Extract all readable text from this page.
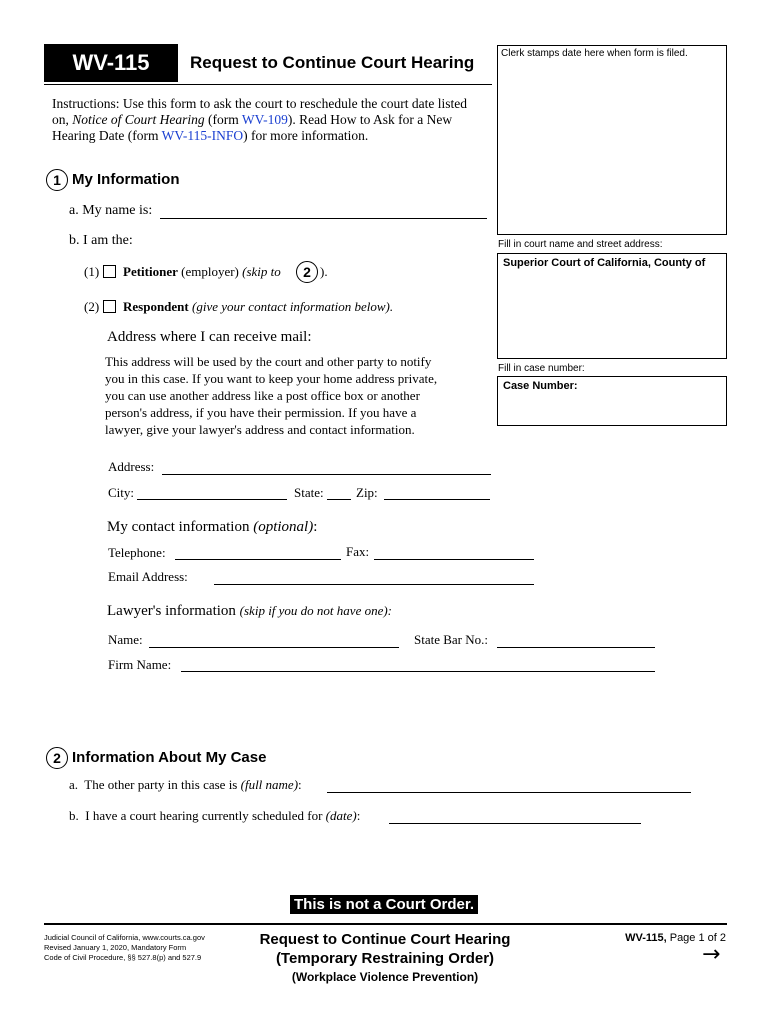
WV-115	Request to Continue Court Hearing
Instructions: Use this form to ask the court to reschedule the court date listed
on, Notice of Court Hearing (form WV-109). Read How to Ask for a New
Hearing Date (form WV-115-INFO) for more information.
Clerk stamps date here when form is filed.
Fill in court name and street address:
Superior Court of California, County of
Fill in case number:
Case Number:
1 My Information
a. My name is:
b. I am the:
(1) Petitioner (employer) (skip to	2 ).
(2) Respondent (give your contact information below).
Address where I can receive mail:
This address will be used by the court and other party to notify
you in this case. If you want to keep your home address private,
you can use another address like a post office box or another
person's address, if you have their permission. If you have a
lawyer, give your lawyer's address and contact information.
Address:
City:	State: Zip:
My contact information (optional):
Telephone:	Fax:
Email Address:
Lawyer's information (skip if you do not have one):
Name:	State Bar No.:
Firm Name:
2 Information About My Case
a. The other party in this case is (full name):
b. I have a court hearing currently scheduled for (date):
This is not a Court Order.
Judicial Council of California, www.courts.ca.gov
Revised January 1, 2020, Mandatory Form
Code of Civil Procedure, §§ 527.8(p) and 527.9
Request to Continue Court Hearing
(Temporary Restraining Order)
(Workplace Violence Prevention)
WV-115, Page 1 of 2
→
